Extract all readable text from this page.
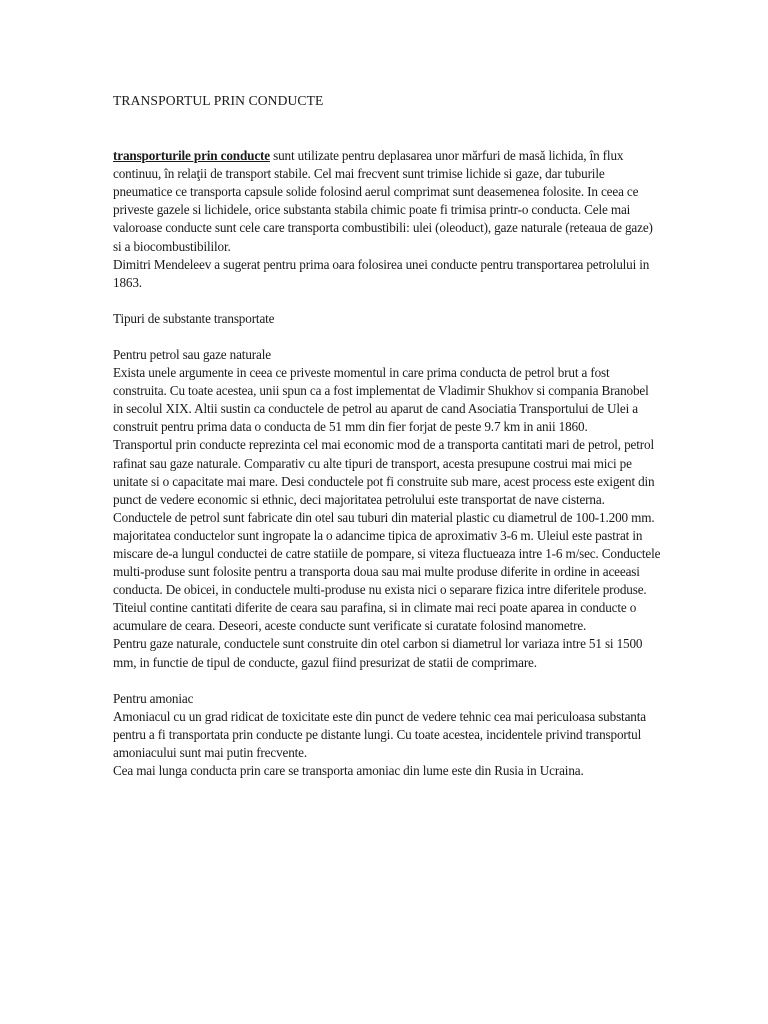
TRANSPORTUL PRIN CONDUCTE

transporturile prin conducte sunt utilizate pentru deplasarea unor mărfuri de masă lichida, în flux continuu, în relaţii de transport stabile. Cel mai frecvent sunt trimise lichide si gaze, dar tuburile pneumatice ce transporta capsule solide folosind aerul comprimat sunt deasemenea folosite. In ceea ce priveste gazele si lichidele, orice substanta stabila chimic poate fi trimisa printr-o conducta. Cele mai valoroase conducte sunt cele care transporta combustibili: ulei (oleoduct), gaze naturale (reteaua de gaze) si a biocombustibililor.

Dimitri Mendeleev a sugerat pentru prima oara folosirea unei conducte pentru transportarea petrolului in 1863.

Tipuri de substante transportate

Pentru petrol sau gaze naturale

Exista unele argumente in ceea ce priveste momentul in care prima conducta de petrol brut a fost construita. Cu toate acestea, unii spun ca a fost implementat de Vladimir Shukhov si compania Branobel in secolul XIX. Altii sustin ca conductele de petrol au aparut de cand Asociatia Transportului de Ulei a construit pentru prima data o conducta de 51 mm din fier forjat de peste 9.7 km in anii 1860.

Transportul prin conducte reprezinta cel mai economic mod de a transporta cantitati mari de petrol, petrol rafinat sau gaze naturale. Comparativ cu alte tipuri de transport, acesta presupune costrui mai mici pe unitate si o capacitate mai mare. Desi conductele pot fi construite sub mare, acest process este exigent din punct de vedere economic si ethnic, deci majoritatea petrolului este transportat de nave cisterna.

Conductele de petrol sunt fabricate din otel sau tuburi din material plastic cu diametrul de 100-1.200 mm. majoritatea conductelor sunt ingropate la o adancime tipica de aproximativ 3-6 m. Uleiul este pastrat in miscare de-a lungul conductei de catre statiile de pompare, si viteza fluctueaza intre 1-6 m/sec. Conductele multi-produse sunt folosite pentru a transporta doua sau mai multe produse diferite in ordine in aceeasi conducta. De obicei, in conductele multi-produse nu exista nici o separare fizica intre diferitele produse.

Titeiul contine cantitati diferite de ceara sau parafina, si in climate mai reci poate aparea in conducte o acumulare de ceara. Deseori, aceste conducte sunt verificate si curatate folosind manometre.

Pentru gaze naturale, conductele sunt construite din otel carbon si diametrul lor variaza intre 51 si 1500 mm, in functie de tipul de conducte, gazul fiind presurizat de statii de comprimare.

Pentru amoniac

Amoniacul cu un grad ridicat de toxicitate este din punct de vedere tehnic cea mai periculoasa substanta pentru a fi transportata prin conducte pe distante lungi. Cu toate acestea, incidentele privind transportul amoniacului sunt mai putin frecvente.

Cea mai lunga conducta prin care se transporta amoniac din lume este din Rusia in Ucraina.
